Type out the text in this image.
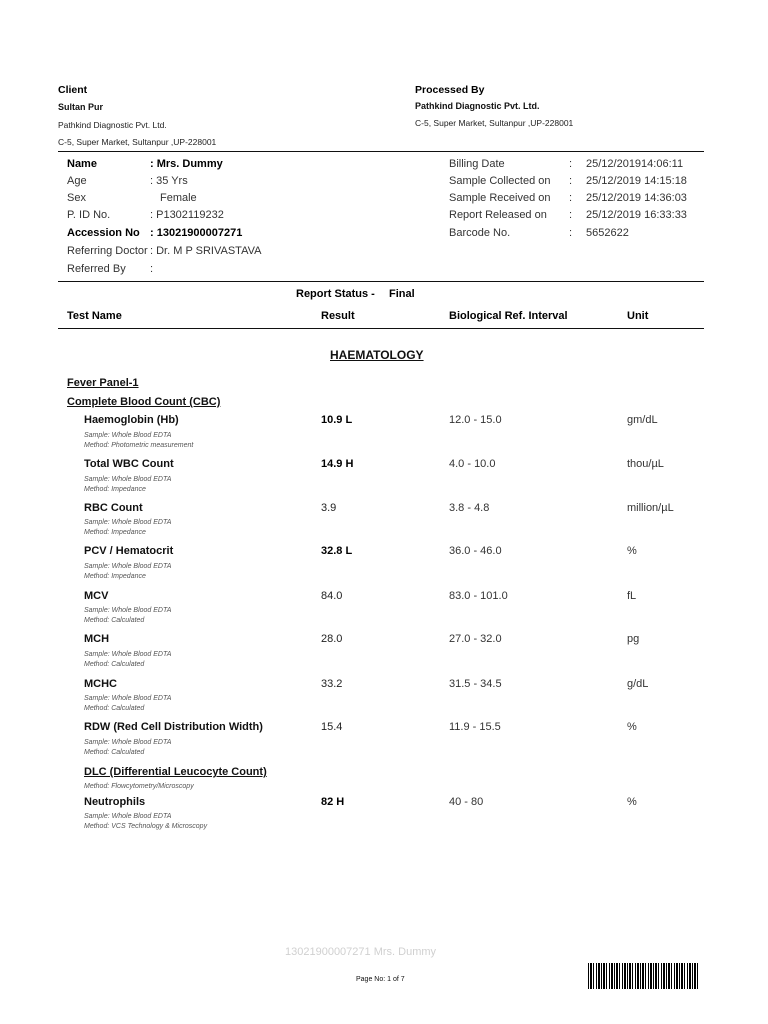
Client
Sultan Pur
Pathkind Diagnostic Pvt. Ltd.
C-5, Super Market, Sultanpur ,UP-228001
Processed By
Pathkind Diagnostic Pvt. Ltd.
C-5, Super Market, Sultanpur ,UP-228001
Name	: Mrs. Dummy
Age	: 35 Yrs
Sex	Female
P. ID No.	: P1302119232
Accession No : 13021900007271
Referring Doctor : Dr. M P SRIVASTAVA
Referred By :
Billing Date	: 25/12/201914:06:11
Sample Collected on : 25/12/2019 14:15:18
Sample Received on : 25/12/2019 14:36:03
Report Released on : 25/12/2019 16:33:33
Barcode No.	: 5652622
Report Status - Final
Test Name	Result	Biological Ref. Interval	Unit
HAEMATOLOGY
Fever Panel-1
Complete Blood Count (CBC)
Haemoglobin (Hb)
Sample: Whole Blood EDTA
Method: Photometric measurement
10.9 L	12.0 - 15.0	gm/dL
Total WBC Count
Sample: Whole Blood EDTA
Method: Impedance
14.9 H	4.0 - 10.0	thou/µL
RBC Count
Sample: Whole Blood EDTA
Method: Impedance
3.9	3.8 - 4.8	million/µL
PCV / Hematocrit
Sample: Whole Blood EDTA
Method: Impedance
32.8 L	36.0 - 46.0	%
MCV
Sample: Whole Blood EDTA
Method: Calculated
84.0	83.0 - 101.0	fL
MCH
Sample: Whole Blood EDTA
Method: Calculated
28.0	27.0 - 32.0	pg
MCHC
Sample: Whole Blood EDTA
Method: Calculated
33.2	31.5 - 34.5	g/dL
RDW (Red Cell Distribution Width)
Sample: Whole Blood EDTA
Method: Calculated
15.4	11.9 - 15.5	%
DLC (Differential Leucocyte Count)
Method: Flowcytometry/Microscopy
Neutrophils
Sample: Whole Blood EDTA
Method: VCS Technology & Microscopy
82 H	40 - 80	%
13021900007271 Mrs. Dummy
Page No: 1 of 7
